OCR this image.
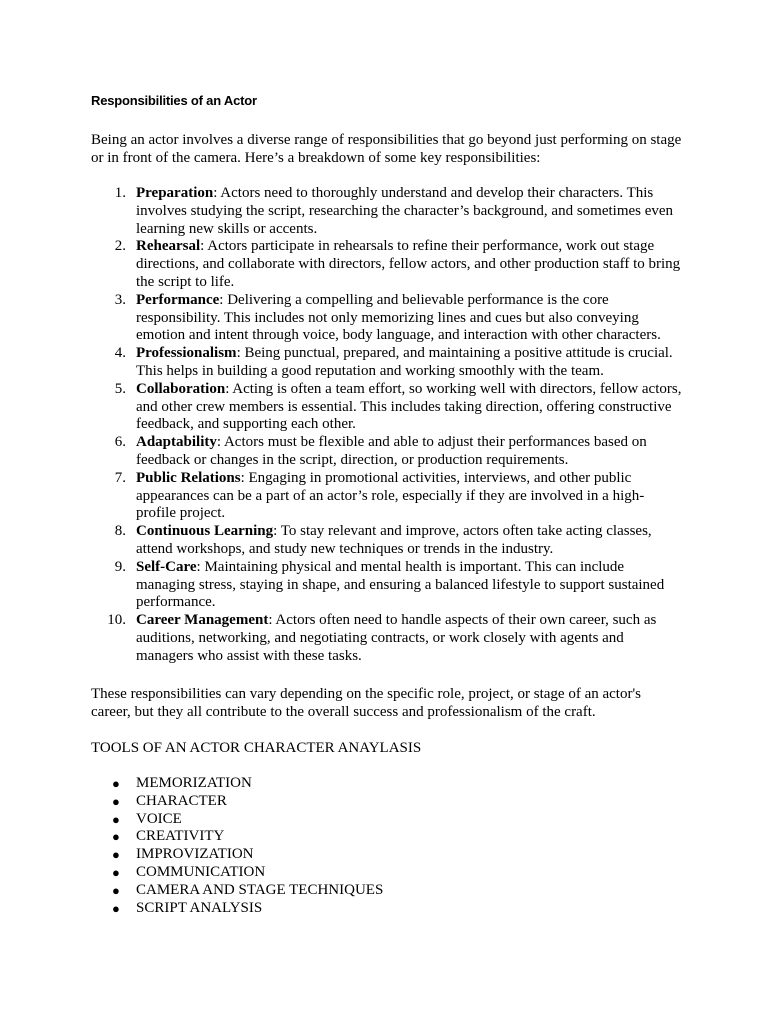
Responsibilities of an Actor

Being an actor involves a diverse range of responsibilities that go beyond just performing on stage or in front of the camera. Here’s a breakdown of some key responsibilities:

1. Preparation: Actors need to thoroughly understand and develop their characters. This involves studying the script, researching the character’s background, and sometimes even learning new skills or accents.
2. Rehearsal: Actors participate in rehearsals to refine their performance, work out stage directions, and collaborate with directors, fellow actors, and other production staff to bring the script to life.
3. Performance: Delivering a compelling and believable performance is the core responsibility. This includes not only memorizing lines and cues but also conveying emotion and intent through voice, body language, and interaction with other characters.
4. Professionalism: Being punctual, prepared, and maintaining a positive attitude is crucial. This helps in building a good reputation and working smoothly with the team.
5. Collaboration: Acting is often a team effort, so working well with directors, fellow actors, and other crew members is essential. This includes taking direction, offering constructive feedback, and supporting each other.
6. Adaptability: Actors must be flexible and able to adjust their performances based on feedback or changes in the script, direction, or production requirements.
7. Public Relations: Engaging in promotional activities, interviews, and other public appearances can be a part of an actor’s role, especially if they are involved in a high-profile project.
8. Continuous Learning: To stay relevant and improve, actors often take acting classes, attend workshops, and study new techniques or trends in the industry.
9. Self-Care: Maintaining physical and mental health is important. This can include managing stress, staying in shape, and ensuring a balanced lifestyle to support sustained performance.
10. Career Management: Actors often need to handle aspects of their own career, such as auditions, networking, and negotiating contracts, or work closely with agents and managers who assist with these tasks.

These responsibilities can vary depending on the specific role, project, or stage of an actor's career, but they all contribute to the overall success and professionalism of the craft.

TOOLS OF AN ACTOR CHARACTER ANAYLASIS

● MEMORIZATION
● CHARACTER
● VOICE
● CREATIVITY
● IMPROVIZATION
● COMMUNICATION
● CAMERA AND STAGE TECHNIQUES
● SCRIPT ANALYSIS
